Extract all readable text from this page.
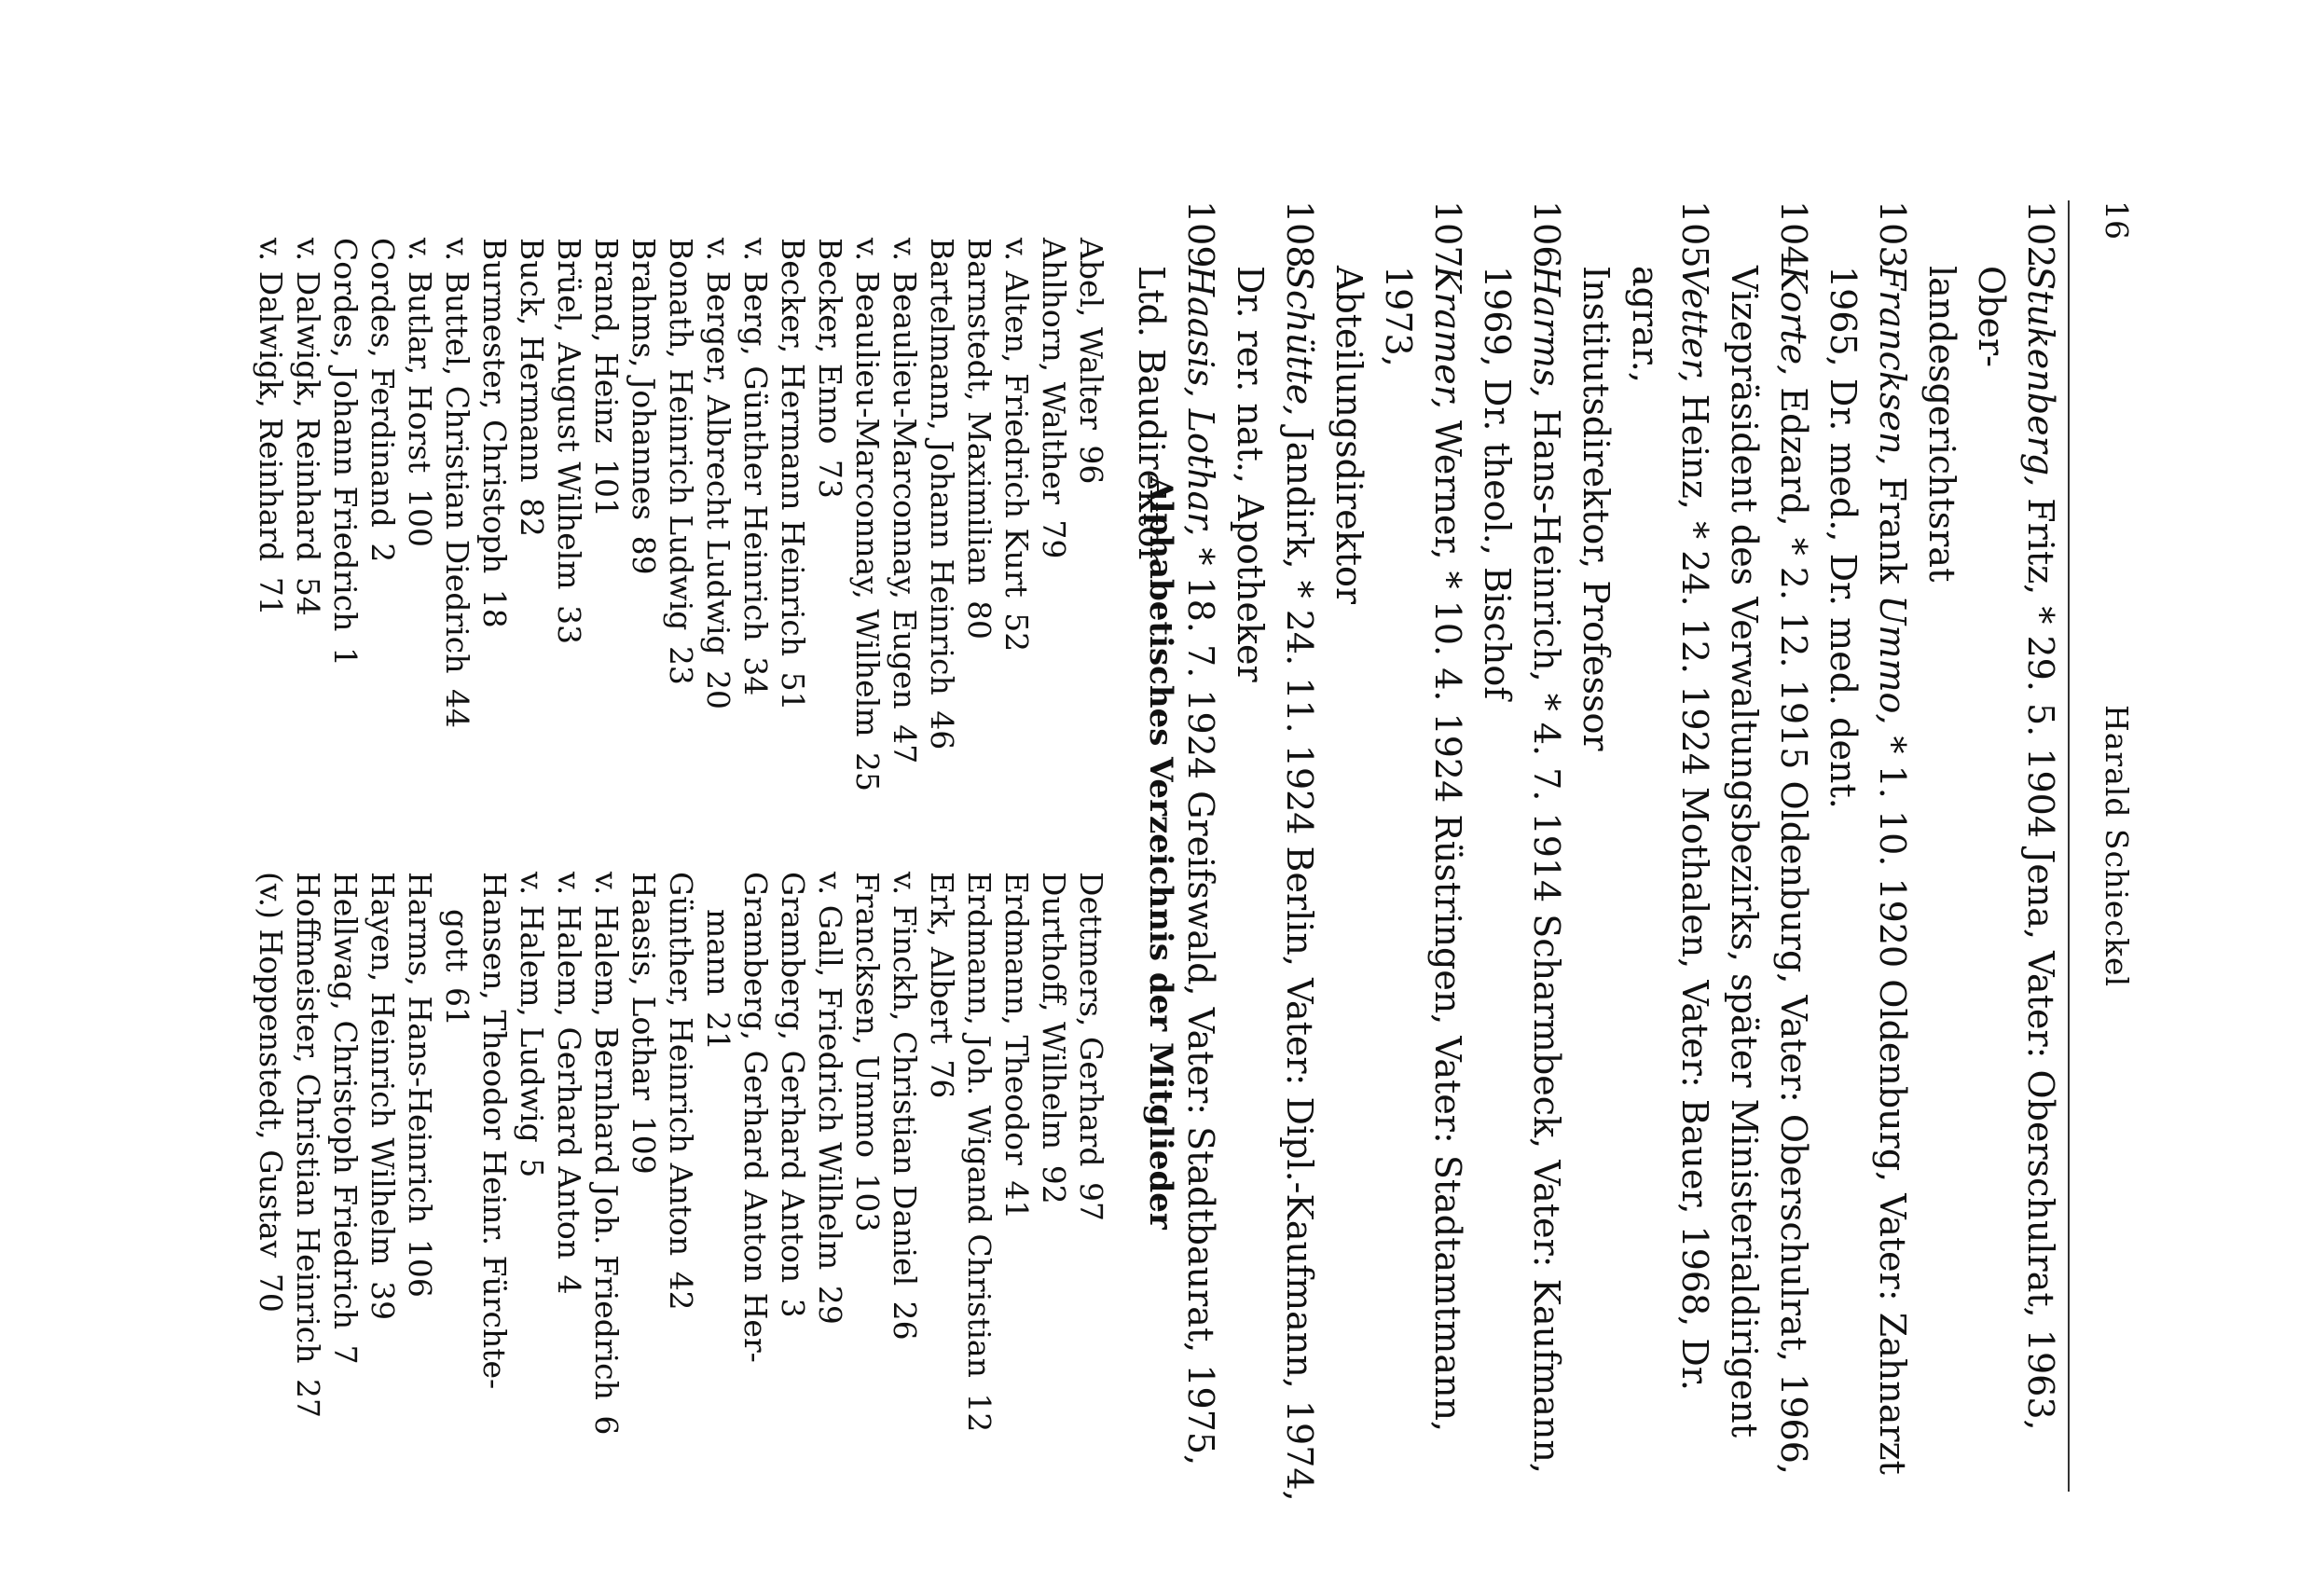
16
Harald Schieckel
102
Stukenberg, Fritz, * 29. 5. 1904 Jena, Vater: Oberschulrat, 1963, Ober-
landesgerichtsrat
103
Francksen, Frank Ummo, * 1. 10. 1920 Oldenburg, Vater: Zahnarzt
1965, Dr. med., Dr. med. dent.
104
Korte, Edzard, * 2. 12. 1915 Oldenburg, Vater: Oberschulrat, 1966,
Vizepräsident des Verwaltungsbezirks, später Ministerialdirigent
105
Vetter, Heinz, * 24. 12. 1924 Mothalen, Vater: Bauer, 1968, Dr. agrar.,
Institutsdirektor, Professor
106
Harms, Hans-Heinrich, * 4. 7. 1914 Scharmbeck, Vater: Kaufmann,
1969, Dr. theol., Bischof
107
Kramer, Werner, * 10. 4. 1924 Rüstringen, Vater: Stadtamtmann, 1973,
Abteilungsdirektor
108
Schütte, Jandirk, * 24. 11. 1924 Berlin, Vater: Dipl.-Kaufmann, 1974,
Dr. rer. nat., Apotheker
109
Haasis, Lothar, * 18. 7. 1924 Greifswald, Vater: Stadtbaurat, 1975,
Ltd. Baudirektor
Alphabetisches Verzeichnis der Mitglieder
Abel, Walter 96
Ahlhorn, Walther 79
v. Alten, Friedrich Kurt 52
Barnstedt, Maximilian 80
Bartelmann, Johann Heinrich 46
v. Beaulieu-Marconnay, Eugen 47
v. Beaulieu-Marconnay, Wilhelm 25
Becker, Enno 73
Becker, Hermann Heinrich 51
v. Berg, Günther Heinrich 34
v. Berger, Albrecht Ludwig 20
Bonath, Heinrich Ludwig 23
Brahms, Johannes 89
Brand, Heinz 101
Brüel, August Wilhelm 33
Buck, Hermann 82
Burmester, Christoph 18
v. Buttel, Christian Diedrich 44
v. Butlar, Horst 100
Cordes, Ferdinand 2
Cordes, Johann Friedrich 1
v. Dalwigk, Reinhard 54
v. Dalwigk, Reinhard 71
Dettmers, Gerhard 97
Durthoff, Wilhelm 92
Erdmann, Theodor 41
Erdmann, Joh. Wigand Christian 12
Erk, Albert 76
v. Finckh, Christian Daniel 26
Francksen, Ummo 103
v. Gall, Friedrich Wilhelm 29
Gramberg, Gerhard Anton 3
Gramberg, Gerhard Anton Her-
mann 21
Günther, Heinrich Anton 42
Haasis, Lothar 109
v. Halem, Bernhard Joh. Friedrich 6
v. Halem, Gerhard Anton 4
v. Halem, Ludwig 5
Hansen, Theodor Heinr. Fürchte-
gott 61
Harms, Hans-Heinrich 106
Hayen, Heinrich Wilhelm 39
Hellwag, Christoph Friedrich 7
Hoffmeister, Christian Heinrich 27
(v.) Hoppenstedt, Gustav 70
